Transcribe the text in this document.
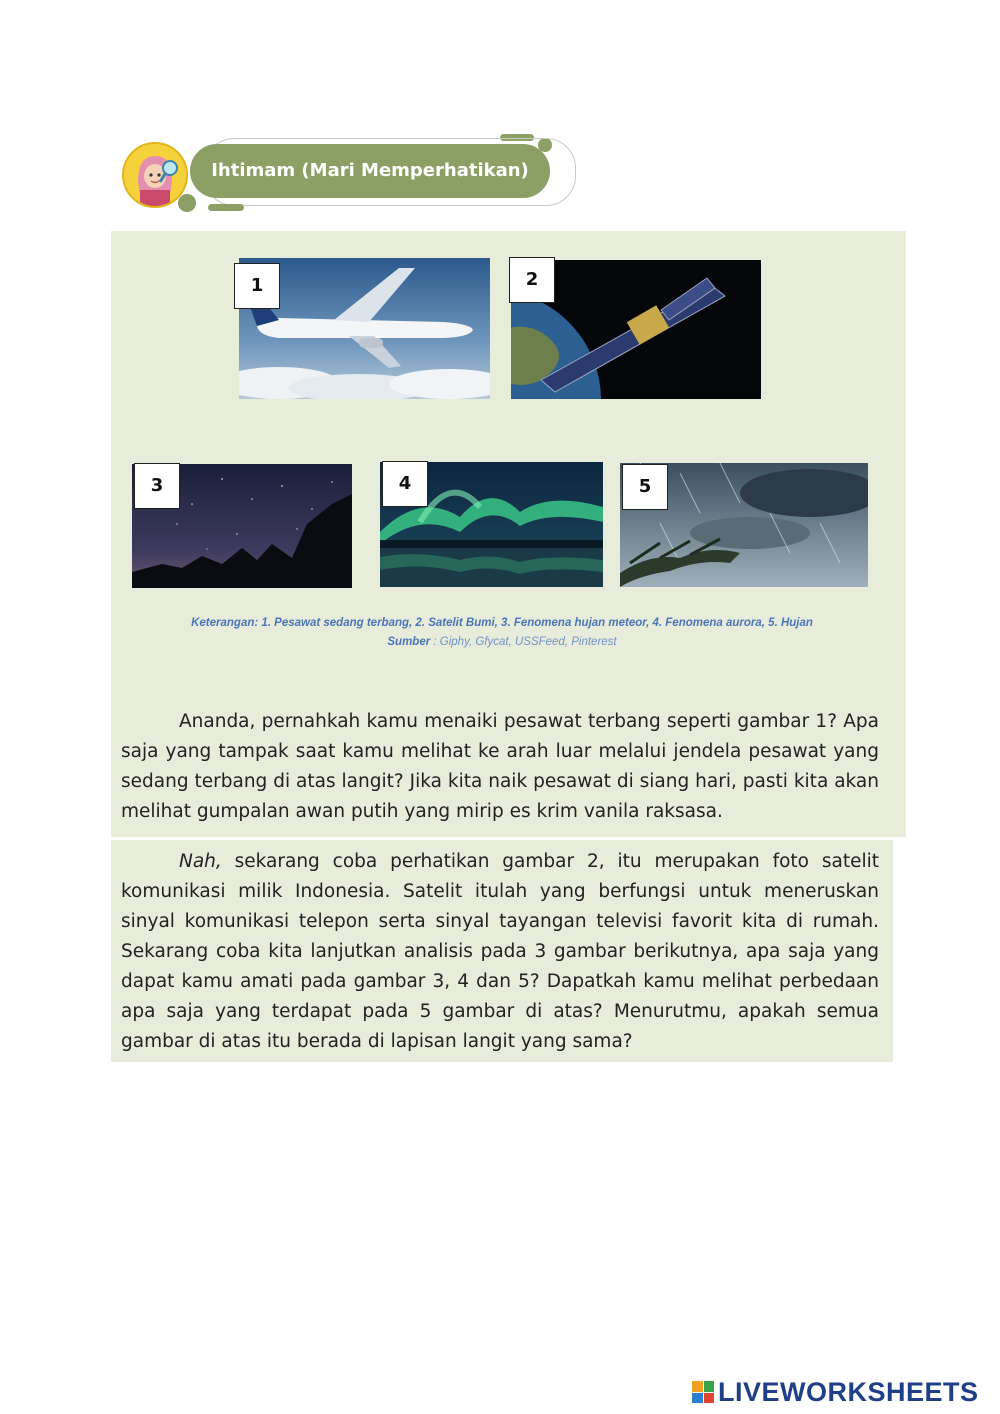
Ihtimam (Mari Memperhatikan)
1	2
3	4	5
Keterangan: 1. Pesawat sedang terbang, 2. Satelit Bumi, 3. Fenomena hujan meteor, 4. Fenomena aurora, 5. Hujan
Sumber : Giphy, Gfycat, USSFeed, Pinterest
Ananda, pernahkah kamu menaiki pesawat terbang seperti gambar 1? Apa saja yang tampak saat kamu melihat ke arah luar melalui jendela pesawat yang sedang terbang di atas langit? Jika kita naik pesawat di siang hari, pasti kita akan melihat gumpalan awan putih yang mirip es krim vanila raksasa.
Nah, sekarang coba perhatikan gambar 2, itu merupakan foto satelit komunikasi milik Indonesia. Satelit itulah yang berfungsi untuk meneruskan sinyal komunikasi telepon serta sinyal tayangan televisi favorit kita di rumah. Sekarang coba kita lanjutkan analisis pada 3 gambar berikutnya, apa saja yang dapat kamu amati pada gambar 3, 4 dan 5? Dapatkah kamu melihat perbedaan apa saja yang terdapat pada 5 gambar di atas? Menurutmu, apakah semua gambar di atas itu berada di lapisan langit yang sama?
LIVEWORKSHEETS
